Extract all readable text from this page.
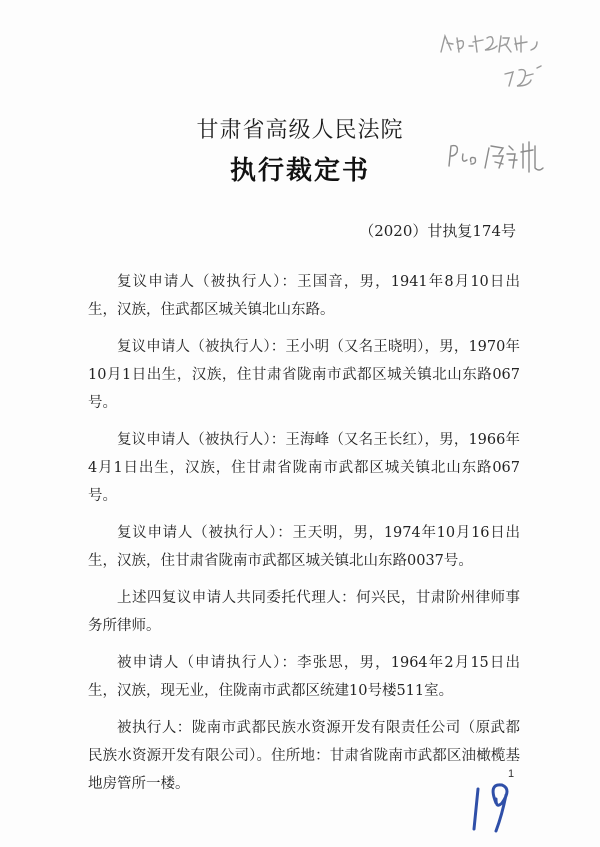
甘肃省高级人民法院
执行裁定书
（2020）甘执复174号

复议申请人（被执行人）：王国音，男，1941年8月10日出生，汉族，住武都区城关镇北山东路。

复议申请人（被执行人）：王小明（又名王晓明），男，1970年10月1日出生，汉族，住甘肃省陇南市武都区城关镇北山东路067号。

复议申请人（被执行人）：王海峰（又名王长红），男，1966年4月1日出生，汉族，住甘肃省陇南市武都区城关镇北山东路067号。

复议申请人（被执行人）：王天明，男，1974年10月16日出生，汉族，住甘肃省陇南市武都区城关镇北山东路0037号。

上述四复议申请人共同委托代理人：何兴民，甘肃阶州律师事务所律师。

被申请人（申请执行人）：李张思，男，1964年2月15日出生，汉族，现无业，住陇南市武都区统建10号楼511室。

被执行人：陇南市武都民族水资源开发有限责任公司（原武都民族水资源开发有限公司）。住所地：甘肃省陇南市武都区油橄榄基地房管所一楼。

1
